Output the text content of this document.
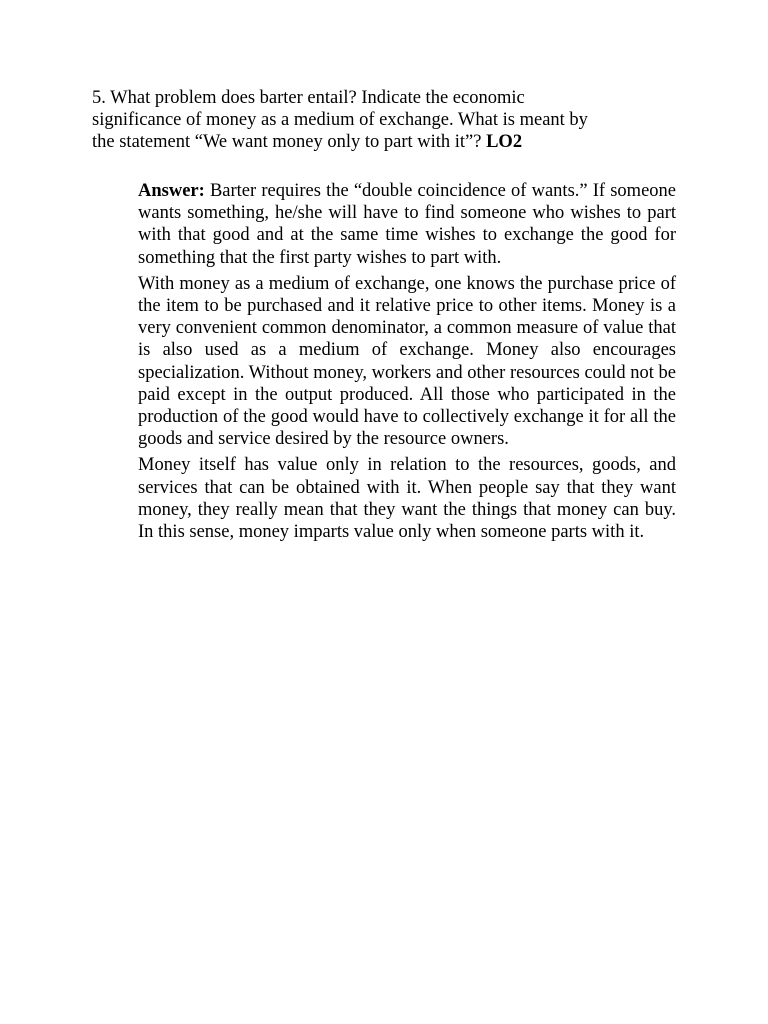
5. What problem does barter entail? Indicate the economic significance of money as a medium of exchange. What is meant by the statement “We want money only to part with it”? LO2

Answer: Barter requires the “double coincidence of wants.” If someone wants something, he/she will have to find someone who wishes to part with that good and at the same time wishes to exchange the good for something that the first party wishes to part with.

With money as a medium of exchange, one knows the purchase price of the item to be purchased and it relative price to other items. Money is a very convenient common denominator, a common measure of value that is also used as a medium of exchange. Money also encourages specialization. Without money, workers and other resources could not be paid except in the output produced. All those who participated in the production of the good would have to collectively exchange it for all the goods and service desired by the resource owners.

Money itself has value only in relation to the resources, goods, and services that can be obtained with it. When people say that they want money, they really mean that they want the things that money can buy. In this sense, money imparts value only when someone parts with it.
